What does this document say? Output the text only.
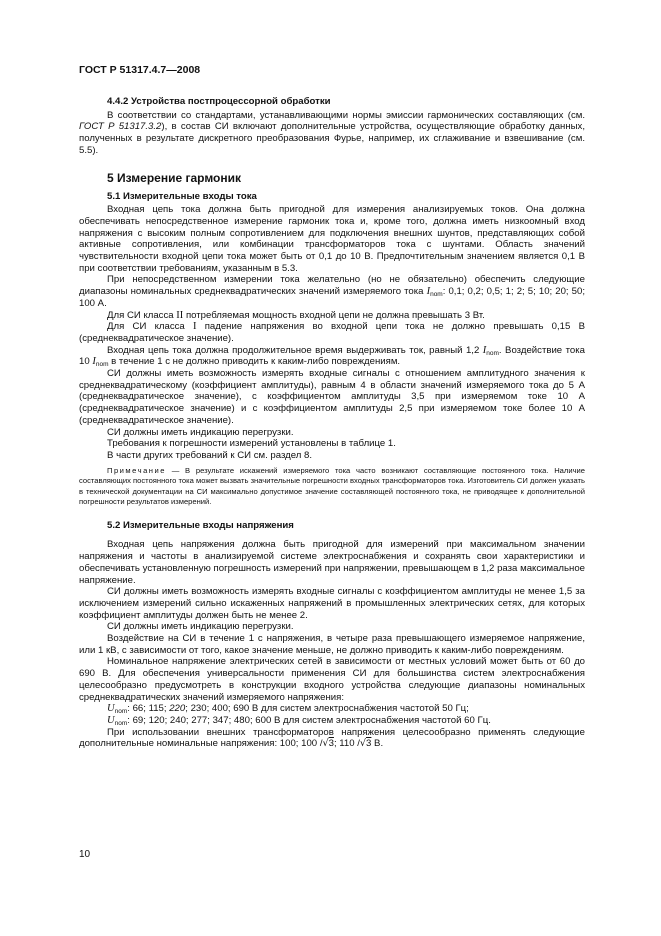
ГОСТ Р 51317.4.7—2008
4.4.2 Устройства постпроцессорной обработки

В соответствии со стандартами, устанавливающими нормы эмиссии гармонических составляющих (см. ГОСТ Р 51317.3.2), в состав СИ включают дополнительные устройства, осуществляющие обработку данных, полученных в результате дискретного преобразования Фурье, например, их сглаживание и взвешивание (см. 5.5).

5 Измерение гармоник
5.1 Измерительные входы тока

Входная цепь тока должна быть пригодной для измерения анализируемых токов. Она должна обеспечивать непосредственное измерение гармоник тока и, кроме того, должна иметь низкоомный вход напряжения с высоким полным сопротивлением для подключения внешних шунтов, представляющих собой активные сопротивления, или комбинации трансформаторов тока с шунтами. Область значений чувствительности входной цепи тока может быть от 0,1 до 10 В. Предпочтительным значением является 0,1 В при соответствии требованиям, указанным в 5.3.

При непосредственном измерении тока желательно (но не обязательно) обеспечить следующие диапазоны номинальных среднеквадратических значений измеряемого тока $I_{nom}$: 0,1; 0,2; 0,5; 1; 2; 5; 10; 20; 50; 100 А.

Для СИ класса II потребляемая мощность входной цепи не должна превышать 3 Вт.

Для СИ класса I падение напряжения во входной цепи тока не должно превышать 0,15 В (среднеквадратическое значение).

Входная цепь тока должна продолжительное время выдерживать ток, равный 1,2 $I_{nom}$. Воздействие тока 10 $I_{nom}$ в течение 1 с не должно приводить к каким-либо повреждениям.

СИ должны иметь возможность измерять входные сигналы с отношением амплитудного значения к среднеквадратическому (коэффициент амплитуды), равным 4 в области значений измеряемого тока до 5 А (среднеквадратическое значение), с коэффициентом амплитуды 3,5 при измеряемом токе 10 А (среднеквадратическое значение) и с коэффициентом амплитуды 2,5 при измеряемом токе более 10 А (среднеквадратическое значение).

СИ должны иметь индикацию перегрузки.

Требования к погрешности измерений установлены в таблице 1.

В части других требований к СИ см. раздел 8.

Примечание — В результате искажений измеряемого тока часто возникают составляющие постоянного тока. Наличие составляющих постоянного тока может вызвать значительные погрешности входных трансформаторов тока. Изготовитель СИ должен указать в технической документации на СИ максимально допустимое значение составляющей постоянного тока, не приводящее к дополнительной погрешности результатов измерений.

5.2 Измерительные входы напряжения

Входная цепь напряжения должна быть пригодной для измерений при максимальном значении напряжения и частоты в анализируемой системе электроснабжения и сохранять свои характеристики и обеспечивать установленную погрешность измерений при напряжении, превышающем в 1,2 раза максимальное напряжение.

СИ должны иметь возможность измерять входные сигналы с коэффициентом амплитуды не менее 1,5 за исключением измерений сильно искаженных напряжений в промышленных электрических сетях, для которых коэффициент амплитуды должен быть не менее 2.

СИ должны иметь индикацию перегрузки.

Воздействие на СИ в течение 1 с напряжения, в четыре раза превышающего измеряемое напряжение, или 1 кВ, с зависимости от того, какое значение меньше, не должно приводить к каким-либо повреждениям.

Номинальное напряжение электрических сетей в зависимости от местных условий может быть от 60 до 690 В. Для обеспечения универсальности применения СИ для большинства систем электроснабжения целесообразно предусмотреть в конструкции входного устройства следующие диапазоны номинальных среднеквадратических значений измеряемого напряжения:

$U_{nom}$: 66; 115; 220; 230; 400; 690 В для систем электроснабжения частотой 50 Гц;

$U_{nom}$: 69; 120; 240; 277; 347; 480; 600 В для систем электроснабжения частотой 60 Гц.

При использовании внешних трансформаторов напряжения целесообразно применять следующие дополнительные номинальные напряжения: 100; 100 /√3; 110 /√3 В.

10
